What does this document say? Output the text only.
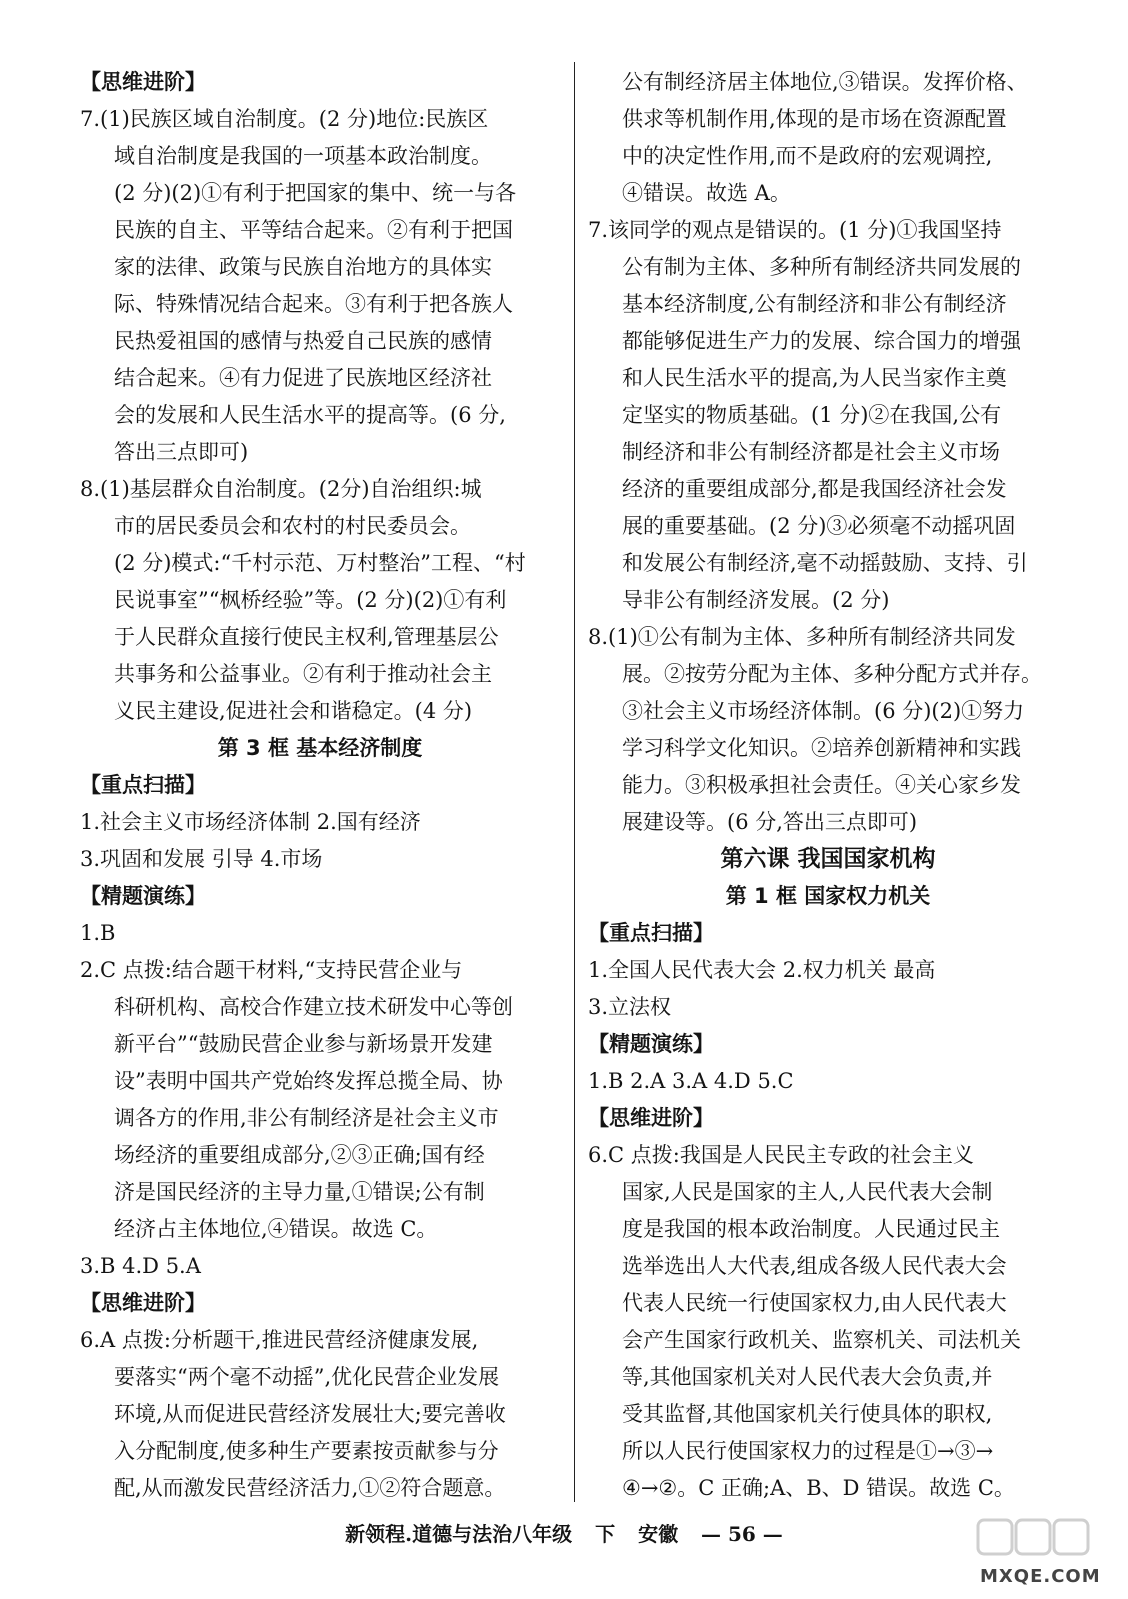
【思维进阶】
7.(1)民族区域自治制度。(2 分)地位:民族区
域自治制度是我国的一项基本政治制度。
(2 分)(2)①有利于把国家的集中、统一与各
民族的自主、平等结合起来。②有利于把国
家的法律、政策与民族自治地方的具体实
际、特殊情况结合起来。③有利于把各族人
民热爱祖国的感情与热爱自己民族的感情
结合起来。④有力促进了民族地区经济社
会的发展和人民生活水平的提高等。(6 分,
答出三点即可)
8.(1)基层群众自治制度。(2分)自治组织:城
市的居民委员会和农村的村民委员会。
(2 分)模式:“千村示范、万村整治”工程、“村
民说事室”“枫桥经验”等。(2 分)(2)①有利
于人民群众直接行使民主权利,管理基层公
共事务和公益事业。②有利于推动社会主
义民主建设,促进社会和谐稳定。(4 分)
第 3 框 基本经济制度
【重点扫描】
1.社会主义市场经济体制 2.国有经济
3.巩固和发展 引导 4.市场
【精题演练】
1.B
2.C 点拨:结合题干材料,“支持民营企业与
科研机构、高校合作建立技术研发中心等创
新平台”“鼓励民营企业参与新场景开发建
设”表明中国共产党始终发挥总揽全局、协
调各方的作用,非公有制经济是社会主义市
场经济的重要组成部分,②③正确;国有经
济是国民经济的主导力量,①错误;公有制
经济占主体地位,④错误。故选 C。
3.B 4.D 5.A
【思维进阶】
6.A 点拨:分析题干,推进民营经济健康发展,
要落实“两个毫不动摇”,优化民营企业发展
环境,从而促进民营经济发展壮大;要完善收
入分配制度,使多种生产要素按贡献参与分
配,从而激发民营经济活力,①②符合题意。
公有制经济居主体地位,③错误。发挥价格、
供求等机制作用,体现的是市场在资源配置
中的决定性作用,而不是政府的宏观调控,
④错误。故选 A。
7.该同学的观点是错误的。(1 分)①我国坚持
公有制为主体、多种所有制经济共同发展的
基本经济制度,公有制经济和非公有制经济
都能够促进生产力的发展、综合国力的增强
和人民生活水平的提高,为人民当家作主奠
定坚实的物质基础。(1 分)②在我国,公有
制经济和非公有制经济都是社会主义市场
经济的重要组成部分,都是我国经济社会发
展的重要基础。(2 分)③必须毫不动摇巩固
和发展公有制经济,毫不动摇鼓励、支持、引
导非公有制经济发展。(2 分)
8.(1)①公有制为主体、多种所有制经济共同发
展。②按劳分配为主体、多种分配方式并存。
③社会主义市场经济体制。(6 分)(2)①努力
学习科学文化知识。②培养创新精神和实践
能力。③积极承担社会责任。④关心家乡发
展建设等。(6 分,答出三点即可)
第六课 我国国家机构
第 1 框 国家权力机关
【重点扫描】
1.全国人民代表大会 2.权力机关 最高
3.立法权
【精题演练】
1.B 2.A 3.A 4.D 5.C
【思维进阶】
6.C 点拨:我国是人民民主专政的社会主义
国家,人民是国家的主人,人民代表大会制
度是我国的根本政治制度。人民通过民主
选举选出人大代表,组成各级人民代表大会
代表人民统一行使国家权力,由人民代表大
会产生国家行政机关、监察机关、司法机关
等,其他国家机关对人民代表大会负责,并
受其监督,其他国家机关行使具体的职权,
所以人民行使国家权力的过程是①→③→
④→②。C 正确;A、B、D 错误。故选 C。
新领程.道德与法治八年级 下 安徽 — 56 —
MXQE.COM
